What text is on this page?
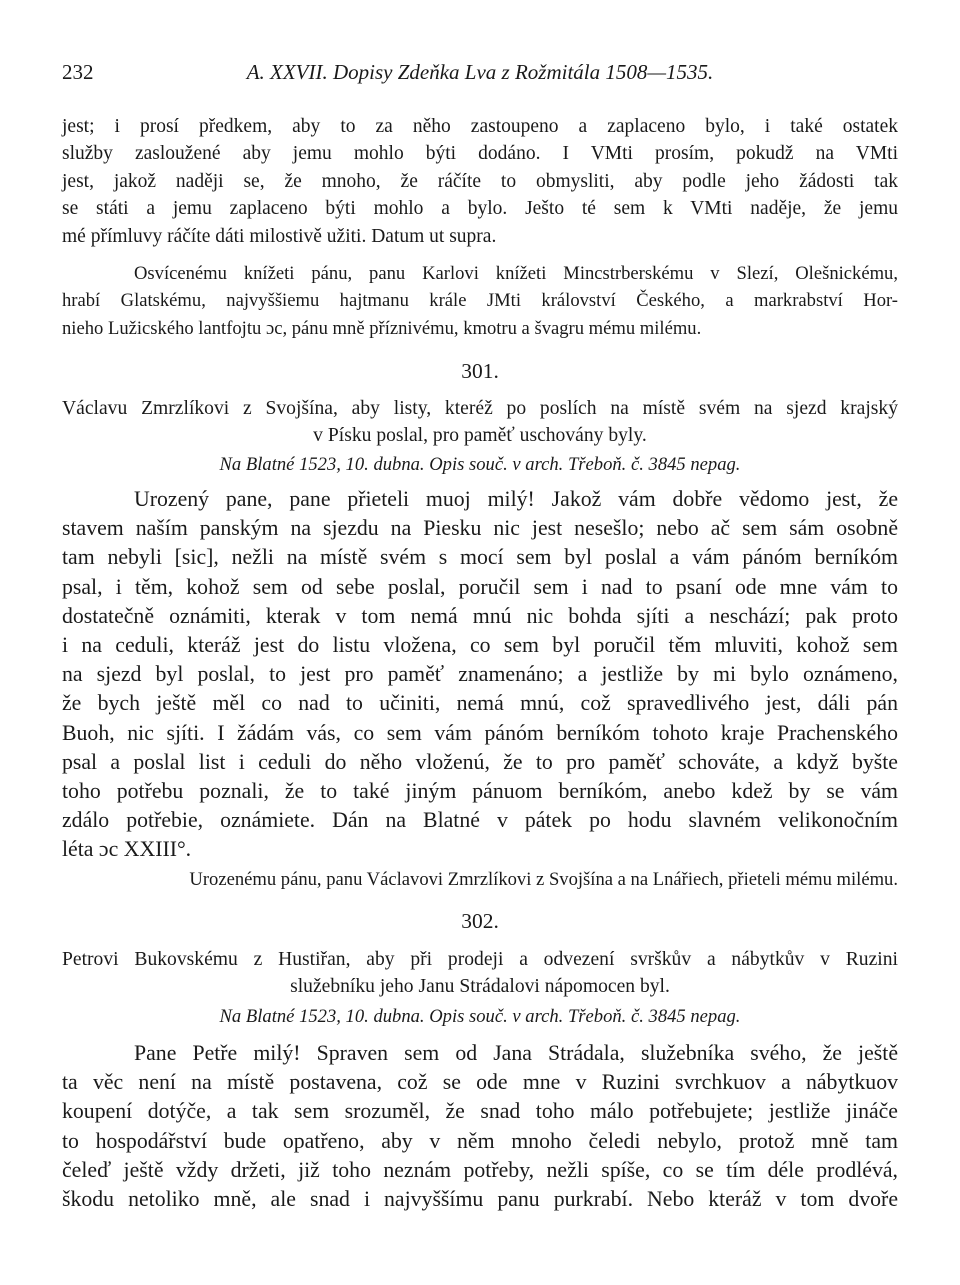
232	A. XXVII. Dopisy Zdeňka Lva z Rožmitála 1508—1535.
jest; i prosí předkem, aby to za něho zastoupeno a zaplaceno bylo, i také ostatek
služby zasloužené aby jemu mohlo býti dodáno. I VMti prosím, pokudž na VMti
jest, jakož naději se, že mnoho, že ráčíte to obmysliti, aby podle jeho žádosti tak
se státi a jemu zaplaceno býti mohlo a bylo. Ješto té sem k VMti naděje, že jemu
mé přímluvy ráčíte dáti milostivě užiti. Datum ut supra.
Osvícenému knížeti pánu, panu Karlovi knížeti Mincstrberskému v Slezí, Olešnickému,
hrabí Glatskému, najvyššiemu hajtmanu krále JMti království Českého, a markrabství Hor-
nieho Lužicského lantfojtu ɔc, pánu mně příznivému, kmotru a švagru mému milému.
301.
Václavu Zmrzlíkovi z Svojšína, aby listy, kteréž po poslích na místě svém na sjezd krajský
v Písku poslal, pro paměť uschovány byly.
Na Blatné 1523, 10. dubna. Opis souč. v arch. Třeboň. č. 3845 nepag.
Urozený pane, pane přieteli muoj milý! Jakož vám dobře vědomo jest, že
stavem naším panským na sjezdu na Piesku nic jest nesešlo; nebo ač sem sám osobně
tam nebyli [sic], nežli na místě svém s mocí sem byl poslal a vám pánóm berníkóm
psal, i těm, kohož sem od sebe poslal, poručil sem i nad to psaní ode mne vám to
dostatečně oznámiti, kterak v tom nemá mnú nic bohda sjíti a neschází; pak proto
i na ceduli, kteráž jest do listu vložena, co sem byl poručil těm mluviti, kohož sem
na sjezd byl poslal, to jest pro paměť znamenáno; a jestliže by mi bylo oznámeno,
že bych ještě měl co nad to učiniti, nemá mnú, což spravedlivého jest, dáli pán
Buoh, nic sjíti. I žádám vás, co sem vám pánóm berníkóm tohoto kraje Prachenského
psal a poslal list i ceduli do něho vloženú, že to pro paměť schováte, a když byšte
toho potřebu poznali, že to také jiným pánuom berníkóm, anebo kdež by se vám
zdálo potřebie, oznámiete. Dán na Blatné v pátek po hodu slavném velikonočním
léta ɔc XXIII°.
Urozenému pánu, panu Václavovi Zmrzlíkovi z Svojšína a na Lnářiech, přieteli mému milému.
302.
Petrovi Bukovskému z Hustiřan, aby při prodeji a odvezení svrškův a nábytkův v Ruzini
služebníku jeho Janu Strádalovi nápomocen byl.
Na Blatné 1523, 10. dubna. Opis souč. v arch. Třeboň. č. 3845 nepag.
Pane Petře milý! Spraven sem od Jana Strádala, služebníka svého, že ještě
ta věc není na místě postavena, což se ode mne v Ruzini svrchkuov a nábytkuov
koupení dotýče, a tak sem srozuměl, že snad toho málo potřebujete; jestliže jináče
to hospodářství bude opatřeno, aby v něm mnoho čeledi nebylo, protož mně tam
čeleď ještě vždy držeti, již toho neznám potřeby, nežli spíše, co se tím déle prodlévá,
škodu netoliko mně, ale snad i najvyššímu panu purkrabí. Nebo kteráž v tom dvoře
